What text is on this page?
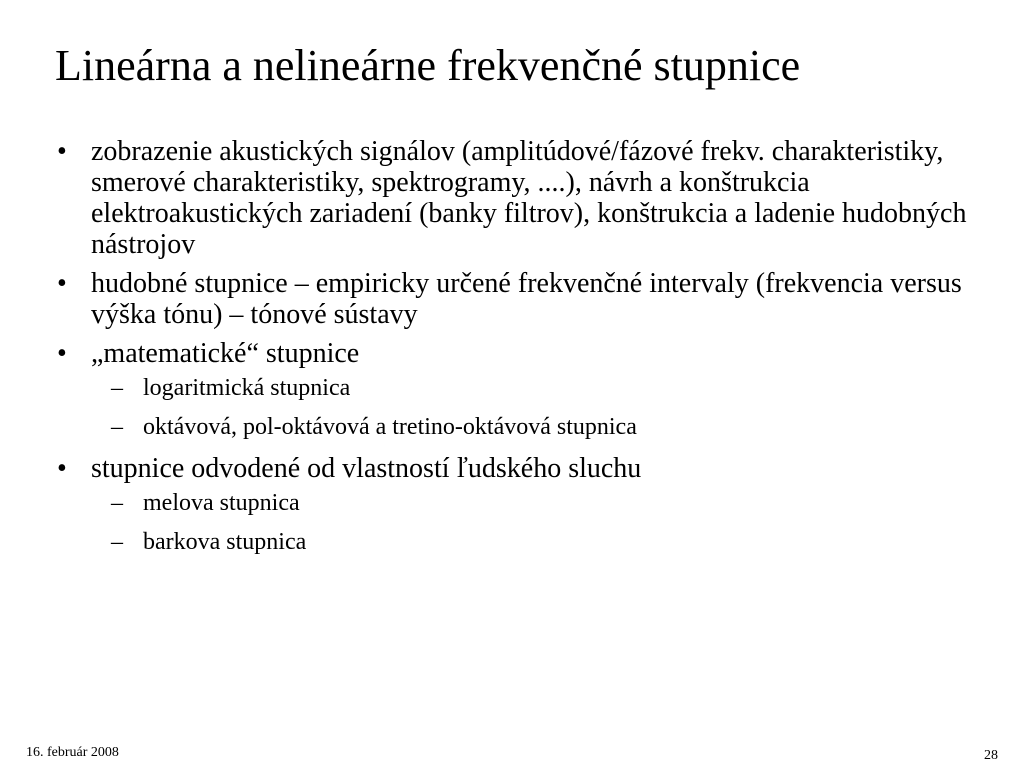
Lineárna a nelineárne frekvenčné stupnice
• zobrazenie akustických signálov (amplitúdové/fázové frekv. charakteristiky, smerové charakteristiky, spektrogramy, ....), návrh a konštrukcia elektroakustických zariadení (banky filtrov), konštrukcia a ladenie hudobných nástrojov
• hudobné stupnice – empiricky určené frekvenčné intervaly (frekvencia versus výška tónu) – tónové sústavy
• „matematické“ stupnice
– logaritmická stupnica
– oktávová, pol-oktávová a tretino-oktávová stupnica
• stupnice odvodené od vlastností ľudského sluchu
– melova stupnica
– barkova stupnica
16. február 2008	28
